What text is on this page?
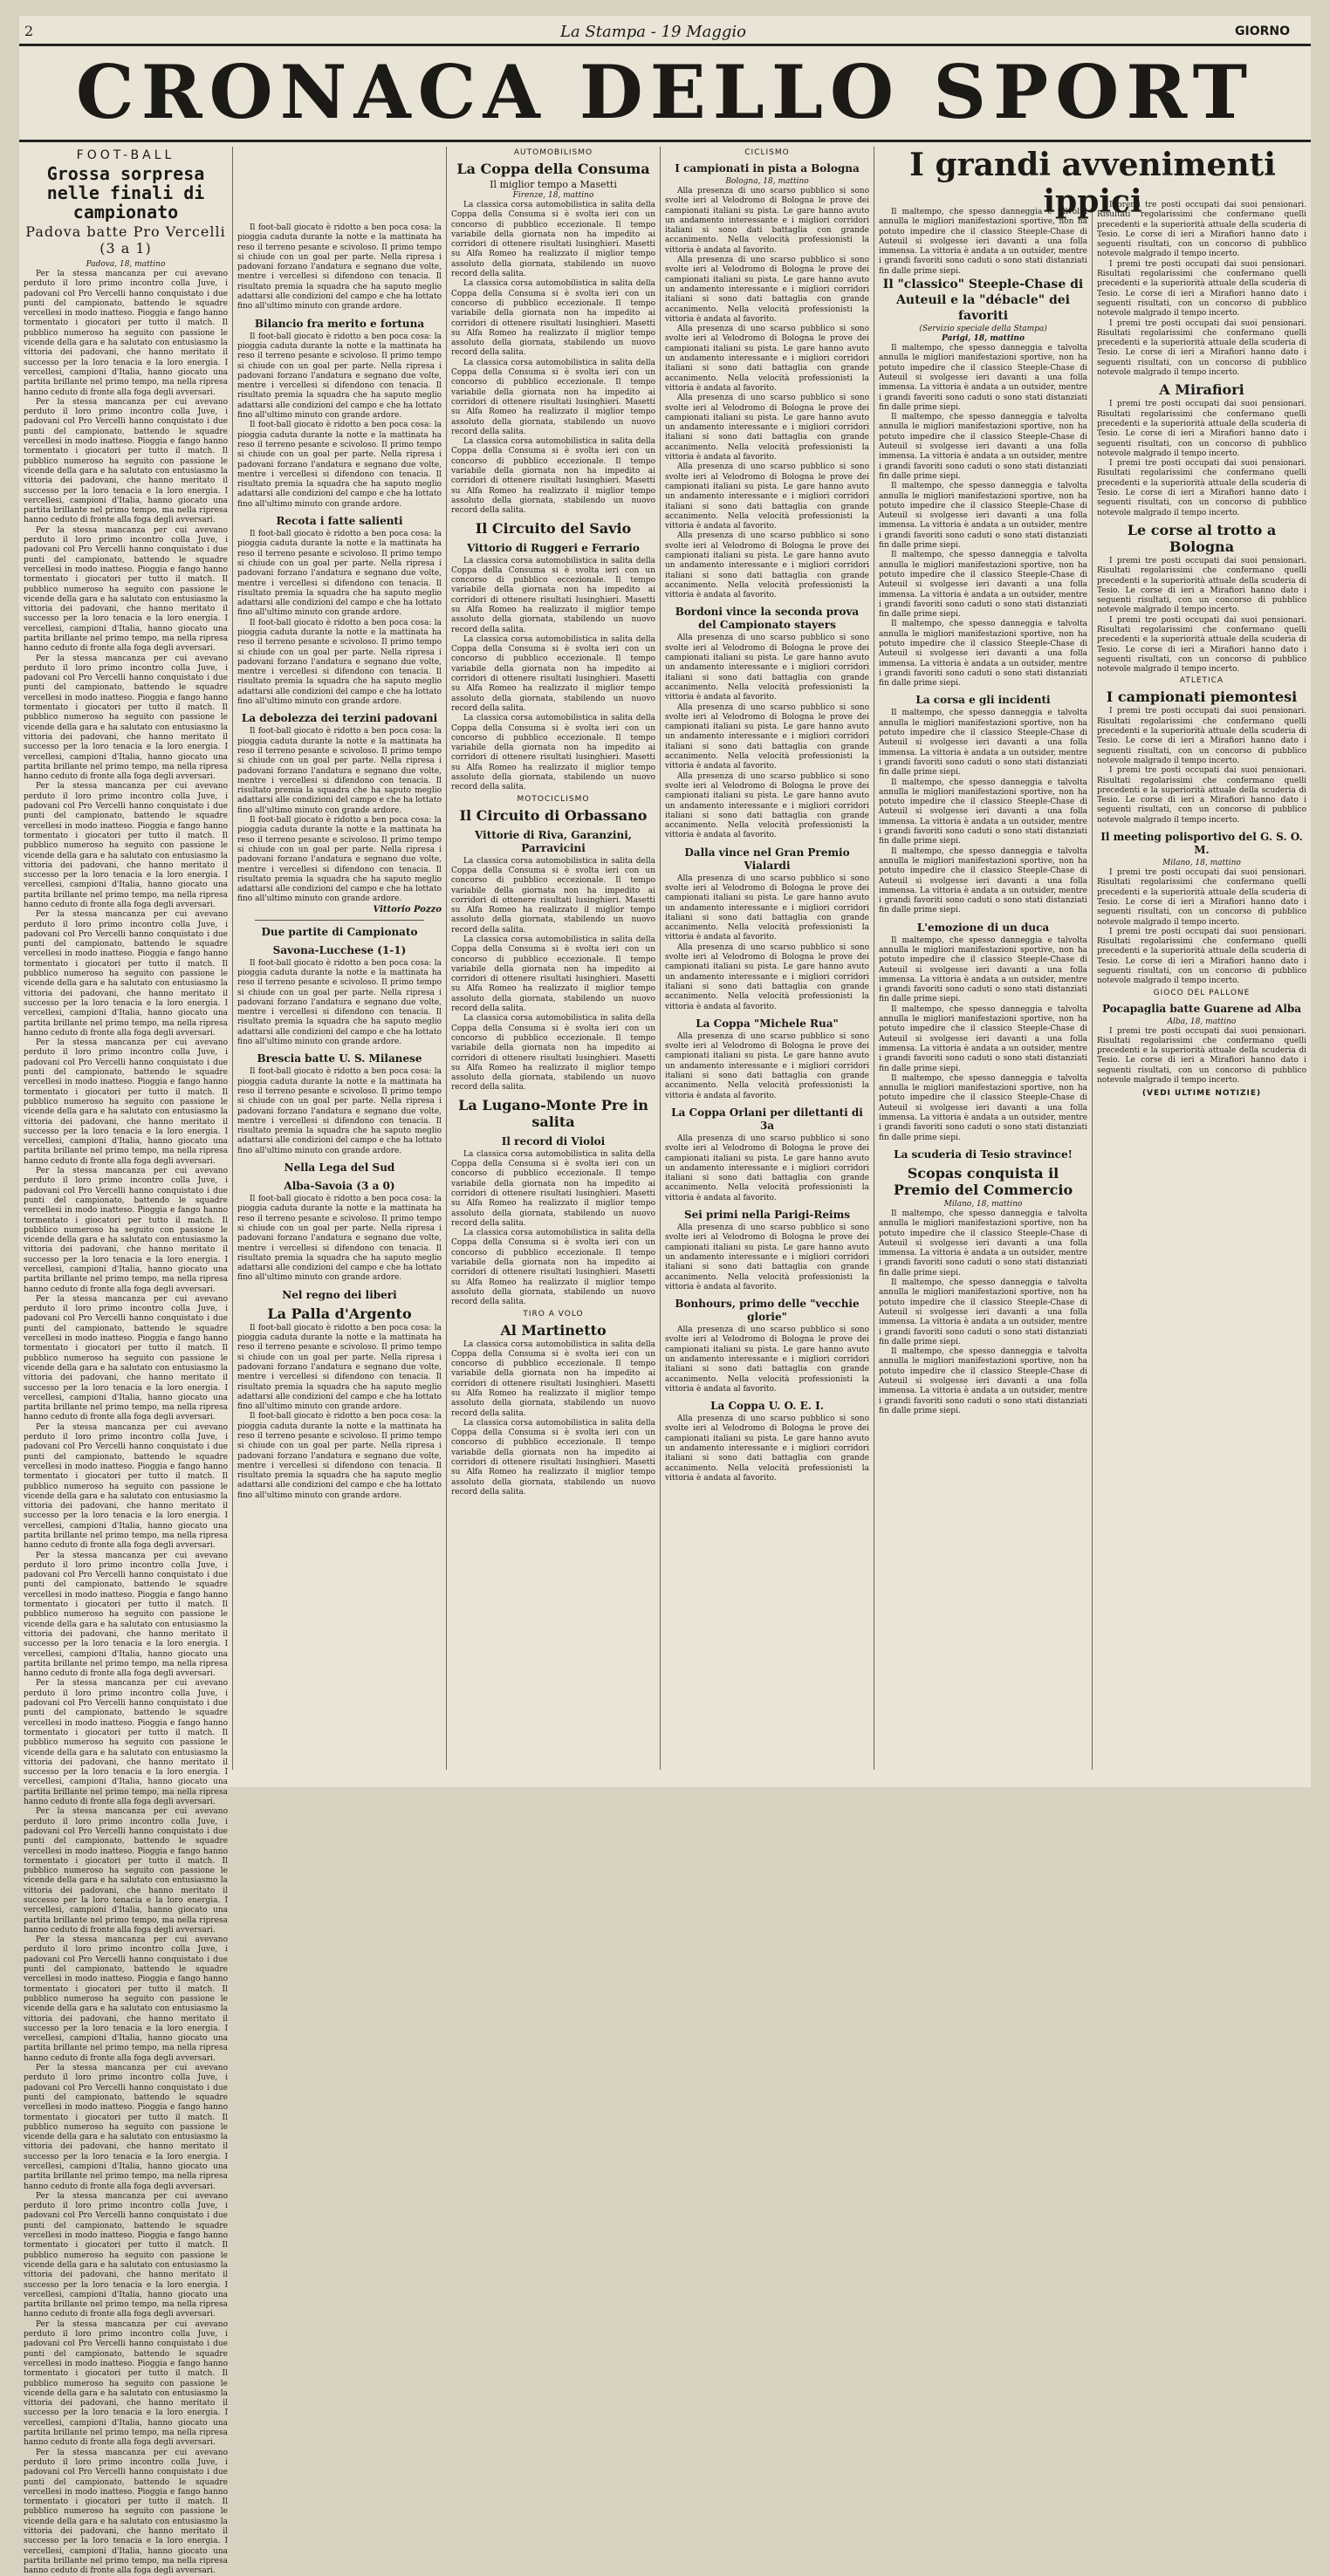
2	La Stampa - 19 Maggio	GIORNO
CRONACA DELLO SPORT
FOOT-BALL
Grossa sorpresa nelle finali di campionato
Padova batte Pro Vercelli (3 a 1)
Padova, 18, mattino

Per la stessa mancanza per cui avevano perduto il loro primo incontro colla Juve, i padovani col Pro Vercelli hanno conquistato i due punti del campionato, battendo le squadre vercellesi in modo inatteso. Pioggia e fango hanno tormentato i giocatori per tutto il match. Il pubblico numeroso ha seguito con passione le vicende della gara e ha salutato con entusiasmo la vittoria dei padovani, che hanno meritato il successo per la loro tenacia e la loro energia. I vercellesi, campioni d'Italia, hanno giocato una partita brillante nel primo tempo, ma nella ripresa hanno ceduto di fronte alla foga degli avversari.

Per la stessa mancanza per cui avevano perduto il loro primo incontro colla Juve, i padovani col Pro Vercelli hanno conquistato i due punti del campionato, battendo le squadre vercellesi in modo inatteso. Pioggia e fango hanno tormentato i giocatori per tutto il match. Il pubblico numeroso ha seguito con passione le vicende della gara e ha salutato con entusiasmo la vittoria dei padovani, che hanno meritato il successo per la loro tenacia e la loro energia. I vercellesi, campioni d'Italia, hanno giocato una partita brillante nel primo tempo, ma nella ripresa hanno ceduto di fronte alla foga degli avversari.

Per la stessa mancanza per cui avevano perduto il loro primo incontro colla Juve, i padovani col Pro Vercelli hanno conquistato i due punti del campionato, battendo le squadre vercellesi in modo inatteso. Pioggia e fango hanno tormentato i giocatori per tutto il match. Il pubblico numeroso ha seguito con passione le vicende della gara e ha salutato con entusiasmo la vittoria dei padovani, che hanno meritato il successo per la loro tenacia e la loro energia. I vercellesi, campioni d'Italia, hanno giocato una partita brillante nel primo tempo, ma nella ripresa hanno ceduto di fronte alla foga degli avversari.

Per la stessa mancanza per cui avevano perduto il loro primo incontro colla Juve, i padovani col Pro Vercelli hanno conquistato i due punti del campionato, battendo le squadre vercellesi in modo inatteso. Pioggia e fango hanno tormentato i giocatori per tutto il match. Il pubblico numeroso ha seguito con passione le vicende della gara e ha salutato con entusiasmo la vittoria dei padovani, che hanno meritato il successo per la loro tenacia e la loro energia. I vercellesi, campioni d'Italia, hanno giocato una partita brillante nel primo tempo, ma nella ripresa hanno ceduto di fronte alla foga degli avversari.

Per la stessa mancanza per cui avevano perduto il loro primo incontro colla Juve, i padovani col Pro Vercelli hanno conquistato i due punti del campionato, battendo le squadre vercellesi in modo inatteso. Pioggia e fango hanno tormentato i giocatori per tutto il match. Il pubblico numeroso ha seguito con passione le vicende della gara e ha salutato con entusiasmo la vittoria dei padovani, che hanno meritato il successo per la loro tenacia e la loro energia. I vercellesi, campioni d'Italia, hanno giocato una partita brillante nel primo tempo, ma nella ripresa hanno ceduto di fronte alla foga degli avversari.

Per la stessa mancanza per cui avevano perduto il loro primo incontro colla Juve, i padovani col Pro Vercelli hanno conquistato i due punti del campionato, battendo le squadre vercellesi in modo inatteso. Pioggia e fango hanno tormentato i giocatori per tutto il match. Il pubblico numeroso ha seguito con passione le vicende della gara e ha salutato con entusiasmo la vittoria dei padovani, che hanno meritato il successo per la loro tenacia e la loro energia. I vercellesi, campioni d'Italia, hanno giocato una partita brillante nel primo tempo, ma nella ripresa hanno ceduto di fronte alla foga degli avversari.

Per la stessa mancanza per cui avevano perduto il loro primo incontro colla Juve, i padovani col Pro Vercelli hanno conquistato i due punti del campionato, battendo le squadre vercellesi in modo inatteso. Pioggia e fango hanno tormentato i giocatori per tutto il match. Il pubblico numeroso ha seguito con passione le vicende della gara e ha salutato con entusiasmo la vittoria dei padovani, che hanno meritato il successo per la loro tenacia e la loro energia. I vercellesi, campioni d'Italia, hanno giocato una partita brillante nel primo tempo, ma nella ripresa hanno ceduto di fronte alla foga degli avversari.

Per la stessa mancanza per cui avevano perduto il loro primo incontro colla Juve, i padovani col Pro Vercelli hanno conquistato i due punti del campionato, battendo le squadre vercellesi in modo inatteso. Pioggia e fango hanno tormentato i giocatori per tutto il match. Il pubblico numeroso ha seguito con passione le vicende della gara e ha salutato con entusiasmo la vittoria dei padovani, che hanno meritato il successo per la loro tenacia e la loro energia. I vercellesi, campioni d'Italia, hanno giocato una partita brillante nel primo tempo, ma nella ripresa hanno ceduto di fronte alla foga degli avversari.

Per la stessa mancanza per cui avevano perduto il loro primo incontro colla Juve, i padovani col Pro Vercelli hanno conquistato i due punti del campionato, battendo le squadre vercellesi in modo inatteso. Pioggia e fango hanno tormentato i giocatori per tutto il match. Il pubblico numeroso ha seguito con passione le vicende della gara e ha salutato con entusiasmo la vittoria dei padovani, che hanno meritato il successo per la loro tenacia e la loro energia. I vercellesi, campioni d'Italia, hanno giocato una partita brillante nel primo tempo, ma nella ripresa hanno ceduto di fronte alla foga degli avversari.

Per la stessa mancanza per cui avevano perduto il loro primo incontro colla Juve, i padovani col Pro Vercelli hanno conquistato i due punti del campionato, battendo le squadre vercellesi in modo inatteso. Pioggia e fango hanno tormentato i giocatori per tutto il match. Il pubblico numeroso ha seguito con passione le vicende della gara e ha salutato con entusiasmo la vittoria dei padovani, che hanno meritato il successo per la loro tenacia e la loro energia. I vercellesi, campioni d'Italia, hanno giocato una partita brillante nel primo tempo, ma nella ripresa hanno ceduto di fronte alla foga degli avversari.

Per la stessa mancanza per cui avevano perduto il loro primo incontro colla Juve, i padovani col Pro Vercelli hanno conquistato i due punti del campionato, battendo le squadre vercellesi in modo inatteso. Pioggia e fango hanno tormentato i giocatori per tutto il match. Il pubblico numeroso ha seguito con passione le vicende della gara e ha salutato con entusiasmo la vittoria dei padovani, che hanno meritato il successo per la loro tenacia e la loro energia. I vercellesi, campioni d'Italia, hanno giocato una partita brillante nel primo tempo, ma nella ripresa hanno ceduto di fronte alla foga degli avversari.

Per la stessa mancanza per cui avevano perduto il loro primo incontro colla Juve, i padovani col Pro Vercelli hanno conquistato i due punti del campionato, battendo le squadre vercellesi in modo inatteso. Pioggia e fango hanno tormentato i giocatori per tutto il match. Il pubblico numeroso ha seguito con passione le vicende della gara e ha salutato con entusiasmo la vittoria dei padovani, che hanno meritato il successo per la loro tenacia e la loro energia. I vercellesi, campioni d'Italia, hanno giocato una partita brillante nel primo tempo, ma nella ripresa hanno ceduto di fronte alla foga degli avversari.

Per la stessa mancanza per cui avevano perduto il loro primo incontro colla Juve, i padovani col Pro Vercelli hanno conquistato i due punti del campionato, battendo le squadre vercellesi in modo inatteso. Pioggia e fango hanno tormentato i giocatori per tutto il match. Il pubblico numeroso ha seguito con passione le vicende della gara e ha salutato con entusiasmo la vittoria dei padovani, che hanno meritato il successo per la loro tenacia e la loro energia. I vercellesi, campioni d'Italia, hanno giocato una partita brillante nel primo tempo, ma nella ripresa hanno ceduto di fronte alla foga degli avversari.

Per la stessa mancanza per cui avevano perduto il loro primo incontro colla Juve, i padovani col Pro Vercelli hanno conquistato i due punti del campionato, battendo le squadre vercellesi in modo inatteso. Pioggia e fango hanno tormentato i giocatori per tutto il match. Il pubblico numeroso ha seguito con passione le vicende della gara e ha salutato con entusiasmo la vittoria dei padovani, che hanno meritato il successo per la loro tenacia e la loro energia. I vercellesi, campioni d'Italia, hanno giocato una partita brillante nel primo tempo, ma nella ripresa hanno ceduto di fronte alla foga degli avversari.

Per la stessa mancanza per cui avevano perduto il loro primo incontro colla Juve, i padovani col Pro Vercelli hanno conquistato i due punti del campionato, battendo le squadre vercellesi in modo inatteso. Pioggia e fango hanno tormentato i giocatori per tutto il match. Il pubblico numeroso ha seguito con passione le vicende della gara e ha salutato con entusiasmo la vittoria dei padovani, che hanno meritato il successo per la loro tenacia e la loro energia. I vercellesi, campioni d'Italia, hanno giocato una partita brillante nel primo tempo, ma nella ripresa hanno ceduto di fronte alla foga degli avversari.

Per la stessa mancanza per cui avevano perduto il loro primo incontro colla Juve, i padovani col Pro Vercelli hanno conquistato i due punti del campionato, battendo le squadre vercellesi in modo inatteso. Pioggia e fango hanno tormentato i giocatori per tutto il match. Il pubblico numeroso ha seguito con passione le vicende della gara e ha salutato con entusiasmo la vittoria dei padovani, che hanno meritato il successo per la loro tenacia e la loro energia. I vercellesi, campioni d'Italia, hanno giocato una partita brillante nel primo tempo, ma nella ripresa hanno ceduto di fronte alla foga degli avversari.

Per la stessa mancanza per cui avevano perduto il loro primo incontro colla Juve, i padovani col Pro Vercelli hanno conquistato i due punti del campionato, battendo le squadre vercellesi in modo inatteso. Pioggia e fango hanno tormentato i giocatori per tutto il match. Il pubblico numeroso ha seguito con passione le vicende della gara e ha salutato con entusiasmo la vittoria dei padovani, che hanno meritato il successo per la loro tenacia e la loro energia. I vercellesi, campioni d'Italia, hanno giocato una partita brillante nel primo tempo, ma nella ripresa hanno ceduto di fronte alla foga degli avversari.

Per la stessa mancanza per cui avevano perduto il loro primo incontro colla Juve, i padovani col Pro Vercelli hanno conquistato i due punti del campionato, battendo le squadre vercellesi in modo inatteso. Pioggia e fango hanno tormentato i giocatori per tutto il match. Il pubblico numeroso ha seguito con passione le vicende della gara e ha salutato con entusiasmo la vittoria dei padovani, che hanno meritato il successo per la loro tenacia e la loro energia. I vercellesi, campioni d'Italia, hanno giocato una partita brillante nel primo tempo, ma nella ripresa hanno ceduto di fronte alla foga degli avversari.

Il foot-ball giocato è ridotto a ben poca cosa: la pioggia caduta durante la notte e la mattinata ha reso il terreno pesante e scivoloso. Il primo tempo si chiude con un goal per parte. Nella ripresa i padovani forzano l'andatura e segnano due volte, mentre i vercellesi si difendono con tenacia. Il risultato premia la squadra che ha saputo meglio adattarsi alle condizioni del campo e che ha lottato fino all'ultimo minuto con grande ardore.

Bilancio fra merito e fortuna

Il foot-ball giocato è ridotto a ben poca cosa: la pioggia caduta durante la notte e la mattinata ha reso il terreno pesante e scivoloso. Il primo tempo si chiude con un goal per parte. Nella ripresa i padovani forzano l'andatura e segnano due volte, mentre i vercellesi si difendono con tenacia. Il risultato premia la squadra che ha saputo meglio adattarsi alle condizioni del campo e che ha lottato fino all'ultimo minuto con grande ardore.

Il foot-ball giocato è ridotto a ben poca cosa: la pioggia caduta durante la notte e la mattinata ha reso il terreno pesante e scivoloso. Il primo tempo si chiude con un goal per parte. Nella ripresa i padovani forzano l'andatura e segnano due volte, mentre i vercellesi si difendono con tenacia. Il risultato premia la squadra che ha saputo meglio adattarsi alle condizioni del campo e che ha lottato fino all'ultimo minuto con grande ardore.

Recota i fatte salienti

Il foot-ball giocato è ridotto a ben poca cosa: la pioggia caduta durante la notte e la mattinata ha reso il terreno pesante e scivoloso. Il primo tempo si chiude con un goal per parte. Nella ripresa i padovani forzano l'andatura e segnano due volte, mentre i vercellesi si difendono con tenacia. Il risultato premia la squadra che ha saputo meglio adattarsi alle condizioni del campo e che ha lottato fino all'ultimo minuto con grande ardore.

Il foot-ball giocato è ridotto a ben poca cosa: la pioggia caduta durante la notte e la mattinata ha reso il terreno pesante e scivoloso. Il primo tempo si chiude con un goal per parte. Nella ripresa i padovani forzano l'andatura e segnano due volte, mentre i vercellesi si difendono con tenacia. Il risultato premia la squadra che ha saputo meglio adattarsi alle condizioni del campo e che ha lottato fino all'ultimo minuto con grande ardore.

La debolezza dei terzini padovani

Il foot-ball giocato è ridotto a ben poca cosa: la pioggia caduta durante la notte e la mattinata ha reso il terreno pesante e scivoloso. Il primo tempo si chiude con un goal per parte. Nella ripresa i padovani forzano l'andatura e segnano due volte, mentre i vercellesi si difendono con tenacia. Il risultato premia la squadra che ha saputo meglio adattarsi alle condizioni del campo e che ha lottato fino all'ultimo minuto con grande ardore.

Il foot-ball giocato è ridotto a ben poca cosa: la pioggia caduta durante la notte e la mattinata ha reso il terreno pesante e scivoloso. Il primo tempo si chiude con un goal per parte. Nella ripresa i padovani forzano l'andatura e segnano due volte, mentre i vercellesi si difendono con tenacia. Il risultato premia la squadra che ha saputo meglio adattarsi alle condizioni del campo e che ha lottato fino all'ultimo minuto con grande ardore.

Vittorio Pozzo
Due partite di Campionato
Savona-Lucchese (1-1)

Il foot-ball giocato è ridotto a ben poca cosa: la pioggia caduta durante la notte e la mattinata ha reso il terreno pesante e scivoloso. Il primo tempo si chiude con un goal per parte. Nella ripresa i padovani forzano l'andatura e segnano due volte, mentre i vercellesi si difendono con tenacia. Il risultato premia la squadra che ha saputo meglio adattarsi alle condizioni del campo e che ha lottato fino all'ultimo minuto con grande ardore.

Brescia batte U. S. Milanese

Il foot-ball giocato è ridotto a ben poca cosa: la pioggia caduta durante la notte e la mattinata ha reso il terreno pesante e scivoloso. Il primo tempo si chiude con un goal per parte. Nella ripresa i padovani forzano l'andatura e segnano due volte, mentre i vercellesi si difendono con tenacia. Il risultato premia la squadra che ha saputo meglio adattarsi alle condizioni del campo e che ha lottato fino all'ultimo minuto con grande ardore.

Nella Lega del Sud
Alba-Savoia (3 a 0)

Il foot-ball giocato è ridotto a ben poca cosa: la pioggia caduta durante la notte e la mattinata ha reso il terreno pesante e scivoloso. Il primo tempo si chiude con un goal per parte. Nella ripresa i padovani forzano l'andatura e segnano due volte, mentre i vercellesi si difendono con tenacia. Il risultato premia la squadra che ha saputo meglio adattarsi alle condizioni del campo e che ha lottato fino all'ultimo minuto con grande ardore.

Nel regno dei liberi
La Palla d'Argento

Il foot-ball giocato è ridotto a ben poca cosa: la pioggia caduta durante la notte e la mattinata ha reso il terreno pesante e scivoloso. Il primo tempo si chiude con un goal per parte. Nella ripresa i padovani forzano l'andatura e segnano due volte, mentre i vercellesi si difendono con tenacia. Il risultato premia la squadra che ha saputo meglio adattarsi alle condizioni del campo e che ha lottato fino all'ultimo minuto con grande ardore.

Il foot-ball giocato è ridotto a ben poca cosa: la pioggia caduta durante la notte e la mattinata ha reso il terreno pesante e scivoloso. Il primo tempo si chiude con un goal per parte. Nella ripresa i padovani forzano l'andatura e segnano due volte, mentre i vercellesi si difendono con tenacia. Il risultato premia la squadra che ha saputo meglio adattarsi alle condizioni del campo e che ha lottato fino all'ultimo minuto con grande ardore.

AUTOMOBILISMO
La Coppa della Consuma
Il miglior tempo a Masetti
Firenze, 18, mattino

La classica corsa automobilistica in salita della Coppa della Consuma si è svolta ieri con un concorso di pubblico eccezionale. Il tempo variabile della giornata non ha impedito ai corridori di ottenere risultati lusinghieri. Masetti su Alfa Romeo ha realizzato il miglior tempo assoluto della giornata, stabilendo un nuovo record della salita.

La classica corsa automobilistica in salita della Coppa della Consuma si è svolta ieri con un concorso di pubblico eccezionale. Il tempo variabile della giornata non ha impedito ai corridori di ottenere risultati lusinghieri. Masetti su Alfa Romeo ha realizzato il miglior tempo assoluto della giornata, stabilendo un nuovo record della salita.

La classica corsa automobilistica in salita della Coppa della Consuma si è svolta ieri con un concorso di pubblico eccezionale. Il tempo variabile della giornata non ha impedito ai corridori di ottenere risultati lusinghieri. Masetti su Alfa Romeo ha realizzato il miglior tempo assoluto della giornata, stabilendo un nuovo record della salita.

La classica corsa automobilistica in salita della Coppa della Consuma si è svolta ieri con un concorso di pubblico eccezionale. Il tempo variabile della giornata non ha impedito ai corridori di ottenere risultati lusinghieri. Masetti su Alfa Romeo ha realizzato il miglior tempo assoluto della giornata, stabilendo un nuovo record della salita.

Il Circuito del Savio
Vittorio di Ruggeri e Ferrario

La classica corsa automobilistica in salita della Coppa della Consuma si è svolta ieri con un concorso di pubblico eccezionale. Il tempo variabile della giornata non ha impedito ai corridori di ottenere risultati lusinghieri. Masetti su Alfa Romeo ha realizzato il miglior tempo assoluto della giornata, stabilendo un nuovo record della salita.

La classica corsa automobilistica in salita della Coppa della Consuma si è svolta ieri con un concorso di pubblico eccezionale. Il tempo variabile della giornata non ha impedito ai corridori di ottenere risultati lusinghieri. Masetti su Alfa Romeo ha realizzato il miglior tempo assoluto della giornata, stabilendo un nuovo record della salita.

La classica corsa automobilistica in salita della Coppa della Consuma si è svolta ieri con un concorso di pubblico eccezionale. Il tempo variabile della giornata non ha impedito ai corridori di ottenere risultati lusinghieri. Masetti su Alfa Romeo ha realizzato il miglior tempo assoluto della giornata, stabilendo un nuovo record della salita.

MOTOCICLISMO
Il Circuito di Orbassano
Vittorie di Riva, Garanzini, Parravicini

La classica corsa automobilistica in salita della Coppa della Consuma si è svolta ieri con un concorso di pubblico eccezionale. Il tempo variabile della giornata non ha impedito ai corridori di ottenere risultati lusinghieri. Masetti su Alfa Romeo ha realizzato il miglior tempo assoluto della giornata, stabilendo un nuovo record della salita.

La classica corsa automobilistica in salita della Coppa della Consuma si è svolta ieri con un concorso di pubblico eccezionale. Il tempo variabile della giornata non ha impedito ai corridori di ottenere risultati lusinghieri. Masetti su Alfa Romeo ha realizzato il miglior tempo assoluto della giornata, stabilendo un nuovo record della salita.

La classica corsa automobilistica in salita della Coppa della Consuma si è svolta ieri con un concorso di pubblico eccezionale. Il tempo variabile della giornata non ha impedito ai corridori di ottenere risultati lusinghieri. Masetti su Alfa Romeo ha realizzato il miglior tempo assoluto della giornata, stabilendo un nuovo record della salita.

La Lugano-Monte Pre in salita
Il record di Violoi

La classica corsa automobilistica in salita della Coppa della Consuma si è svolta ieri con un concorso di pubblico eccezionale. Il tempo variabile della giornata non ha impedito ai corridori di ottenere risultati lusinghieri. Masetti su Alfa Romeo ha realizzato il miglior tempo assoluto della giornata, stabilendo un nuovo record della salita.

La classica corsa automobilistica in salita della Coppa della Consuma si è svolta ieri con un concorso di pubblico eccezionale. Il tempo variabile della giornata non ha impedito ai corridori di ottenere risultati lusinghieri. Masetti su Alfa Romeo ha realizzato il miglior tempo assoluto della giornata, stabilendo un nuovo record della salita.

TIRO A VOLO
Al Martinetto

La classica corsa automobilistica in salita della Coppa della Consuma si è svolta ieri con un concorso di pubblico eccezionale. Il tempo variabile della giornata non ha impedito ai corridori di ottenere risultati lusinghieri. Masetti su Alfa Romeo ha realizzato il miglior tempo assoluto della giornata, stabilendo un nuovo record della salita.

La classica corsa automobilistica in salita della Coppa della Consuma si è svolta ieri con un concorso di pubblico eccezionale. Il tempo variabile della giornata non ha impedito ai corridori di ottenere risultati lusinghieri. Masetti su Alfa Romeo ha realizzato il miglior tempo assoluto della giornata, stabilendo un nuovo record della salita.

CICLISMO
I campionati in pista a Bologna
Bologna, 18, mattino

Alla presenza di uno scarso pubblico si sono svolte ieri al Velodromo di Bologna le prove dei campionati italiani su pista. Le gare hanno avuto un andamento interessante e i migliori corridori italiani si sono dati battaglia con grande accanimento. Nella velocità professionisti la vittoria è andata al favorito.

Alla presenza di uno scarso pubblico si sono svolte ieri al Velodromo di Bologna le prove dei campionati italiani su pista. Le gare hanno avuto un andamento interessante e i migliori corridori italiani si sono dati battaglia con grande accanimento. Nella velocità professionisti la vittoria è andata al favorito.

Alla presenza di uno scarso pubblico si sono svolte ieri al Velodromo di Bologna le prove dei campionati italiani su pista. Le gare hanno avuto un andamento interessante e i migliori corridori italiani si sono dati battaglia con grande accanimento. Nella velocità professionisti la vittoria è andata al favorito.

Alla presenza di uno scarso pubblico si sono svolte ieri al Velodromo di Bologna le prove dei campionati italiani su pista. Le gare hanno avuto un andamento interessante e i migliori corridori italiani si sono dati battaglia con grande accanimento. Nella velocità professionisti la vittoria è andata al favorito.

Alla presenza di uno scarso pubblico si sono svolte ieri al Velodromo di Bologna le prove dei campionati italiani su pista. Le gare hanno avuto un andamento interessante e i migliori corridori italiani si sono dati battaglia con grande accanimento. Nella velocità professionisti la vittoria è andata al favorito.

Alla presenza di uno scarso pubblico si sono svolte ieri al Velodromo di Bologna le prove dei campionati italiani su pista. Le gare hanno avuto un andamento interessante e i migliori corridori italiani si sono dati battaglia con grande accanimento. Nella velocità professionisti la vittoria è andata al favorito.

Bordoni vince la seconda prova del Campionato stayers

Alla presenza di uno scarso pubblico si sono svolte ieri al Velodromo di Bologna le prove dei campionati italiani su pista. Le gare hanno avuto un andamento interessante e i migliori corridori italiani si sono dati battaglia con grande accanimento. Nella velocità professionisti la vittoria è andata al favorito.

Alla presenza di uno scarso pubblico si sono svolte ieri al Velodromo di Bologna le prove dei campionati italiani su pista. Le gare hanno avuto un andamento interessante e i migliori corridori italiani si sono dati battaglia con grande accanimento. Nella velocità professionisti la vittoria è andata al favorito.

Alla presenza di uno scarso pubblico si sono svolte ieri al Velodromo di Bologna le prove dei campionati italiani su pista. Le gare hanno avuto un andamento interessante e i migliori corridori italiani si sono dati battaglia con grande accanimento. Nella velocità professionisti la vittoria è andata al favorito.

Dalla vince nel Gran Premio Vialardi

Alla presenza di uno scarso pubblico si sono svolte ieri al Velodromo di Bologna le prove dei campionati italiani su pista. Le gare hanno avuto un andamento interessante e i migliori corridori italiani si sono dati battaglia con grande accanimento. Nella velocità professionisti la vittoria è andata al favorito.

Alla presenza di uno scarso pubblico si sono svolte ieri al Velodromo di Bologna le prove dei campionati italiani su pista. Le gare hanno avuto un andamento interessante e i migliori corridori italiani si sono dati battaglia con grande accanimento. Nella velocità professionisti la vittoria è andata al favorito.

La Coppa "Michele Rua"

Alla presenza di uno scarso pubblico si sono svolte ieri al Velodromo di Bologna le prove dei campionati italiani su pista. Le gare hanno avuto un andamento interessante e i migliori corridori italiani si sono dati battaglia con grande accanimento. Nella velocità professionisti la vittoria è andata al favorito.

La Coppa Orlani per dilettanti di 3a

Alla presenza di uno scarso pubblico si sono svolte ieri al Velodromo di Bologna le prove dei campionati italiani su pista. Le gare hanno avuto un andamento interessante e i migliori corridori italiani si sono dati battaglia con grande accanimento. Nella velocità professionisti la vittoria è andata al favorito.

Sei primi nella Parigi-Reims

Alla presenza di uno scarso pubblico si sono svolte ieri al Velodromo di Bologna le prove dei campionati italiani su pista. Le gare hanno avuto un andamento interessante e i migliori corridori italiani si sono dati battaglia con grande accanimento. Nella velocità professionisti la vittoria è andata al favorito.

Bonhours, primo delle "vecchie glorie"

Alla presenza di uno scarso pubblico si sono svolte ieri al Velodromo di Bologna le prove dei campionati italiani su pista. Le gare hanno avuto un andamento interessante e i migliori corridori italiani si sono dati battaglia con grande accanimento. Nella velocità professionisti la vittoria è andata al favorito.

La Coppa U. O. E. I.

Alla presenza di uno scarso pubblico si sono svolte ieri al Velodromo di Bologna le prove dei campionati italiani su pista. Le gare hanno avuto un andamento interessante e i migliori corridori italiani si sono dati battaglia con grande accanimento. Nella velocità professionisti la vittoria è andata al favorito.

Il maltempo, che spesso danneggia e talvolta annulla le migliori manifestazioni sportive, non ha potuto impedire che il classico Steeple-Chase di Auteuil si svolgesse ieri davanti a una folla immensa. La vittoria è andata a un outsider, mentre i grandi favoriti sono caduti o sono stati distanziati fin dalle prime siepi.

Il "classico" Steeple-Chase di Auteuil e la "débacle" dei favoriti
(Servizio speciale della Stampa)
Parigi, 18, mattino

Il maltempo, che spesso danneggia e talvolta annulla le migliori manifestazioni sportive, non ha potuto impedire che il classico Steeple-Chase di Auteuil si svolgesse ieri davanti a una folla immensa. La vittoria è andata a un outsider, mentre i grandi favoriti sono caduti o sono stati distanziati fin dalle prime siepi.

Il maltempo, che spesso danneggia e talvolta annulla le migliori manifestazioni sportive, non ha potuto impedire che il classico Steeple-Chase di Auteuil si svolgesse ieri davanti a una folla immensa. La vittoria è andata a un outsider, mentre i grandi favoriti sono caduti o sono stati distanziati fin dalle prime siepi.

Il maltempo, che spesso danneggia e talvolta annulla le migliori manifestazioni sportive, non ha potuto impedire che il classico Steeple-Chase di Auteuil si svolgesse ieri davanti a una folla immensa. La vittoria è andata a un outsider, mentre i grandi favoriti sono caduti o sono stati distanziati fin dalle prime siepi.

Il maltempo, che spesso danneggia e talvolta annulla le migliori manifestazioni sportive, non ha potuto impedire che il classico Steeple-Chase di Auteuil si svolgesse ieri davanti a una folla immensa. La vittoria è andata a un outsider, mentre i grandi favoriti sono caduti o sono stati distanziati fin dalle prime siepi.

Il maltempo, che spesso danneggia e talvolta annulla le migliori manifestazioni sportive, non ha potuto impedire che il classico Steeple-Chase di Auteuil si svolgesse ieri davanti a una folla immensa. La vittoria è andata a un outsider, mentre i grandi favoriti sono caduti o sono stati distanziati fin dalle prime siepi.

La corsa e gli incidenti

Il maltempo, che spesso danneggia e talvolta annulla le migliori manifestazioni sportive, non ha potuto impedire che il classico Steeple-Chase di Auteuil si svolgesse ieri davanti a una folla immensa. La vittoria è andata a un outsider, mentre i grandi favoriti sono caduti o sono stati distanziati fin dalle prime siepi.

Il maltempo, che spesso danneggia e talvolta annulla le migliori manifestazioni sportive, non ha potuto impedire che il classico Steeple-Chase di Auteuil si svolgesse ieri davanti a una folla immensa. La vittoria è andata a un outsider, mentre i grandi favoriti sono caduti o sono stati distanziati fin dalle prime siepi.

Il maltempo, che spesso danneggia e talvolta annulla le migliori manifestazioni sportive, non ha potuto impedire che il classico Steeple-Chase di Auteuil si svolgesse ieri davanti a una folla immensa. La vittoria è andata a un outsider, mentre i grandi favoriti sono caduti o sono stati distanziati fin dalle prime siepi.

L'emozione di un duca

Il maltempo, che spesso danneggia e talvolta annulla le migliori manifestazioni sportive, non ha potuto impedire che il classico Steeple-Chase di Auteuil si svolgesse ieri davanti a una folla immensa. La vittoria è andata a un outsider, mentre i grandi favoriti sono caduti o sono stati distanziati fin dalle prime siepi.

Il maltempo, che spesso danneggia e talvolta annulla le migliori manifestazioni sportive, non ha potuto impedire che il classico Steeple-Chase di Auteuil si svolgesse ieri davanti a una folla immensa. La vittoria è andata a un outsider, mentre i grandi favoriti sono caduti o sono stati distanziati fin dalle prime siepi.

Il maltempo, che spesso danneggia e talvolta annulla le migliori manifestazioni sportive, non ha potuto impedire che il classico Steeple-Chase di Auteuil si svolgesse ieri davanti a una folla immensa. La vittoria è andata a un outsider, mentre i grandi favoriti sono caduti o sono stati distanziati fin dalle prime siepi.

La scuderia di Tesio stravince!
Scopas conquista il Premio del Commercio
Milano, 18, mattino

Il maltempo, che spesso danneggia e talvolta annulla le migliori manifestazioni sportive, non ha potuto impedire che il classico Steeple-Chase di Auteuil si svolgesse ieri davanti a una folla immensa. La vittoria è andata a un outsider, mentre i grandi favoriti sono caduti o sono stati distanziati fin dalle prime siepi.

Il maltempo, che spesso danneggia e talvolta annulla le migliori manifestazioni sportive, non ha potuto impedire che il classico Steeple-Chase di Auteuil si svolgesse ieri davanti a una folla immensa. La vittoria è andata a un outsider, mentre i grandi favoriti sono caduti o sono stati distanziati fin dalle prime siepi.

Il maltempo, che spesso danneggia e talvolta annulla le migliori manifestazioni sportive, non ha potuto impedire che il classico Steeple-Chase di Auteuil si svolgesse ieri davanti a una folla immensa. La vittoria è andata a un outsider, mentre i grandi favoriti sono caduti o sono stati distanziati fin dalle prime siepi.

I grandi avvenimenti ippici

I premi tre posti occupati dai suoi pensionari. Risultati regolarissimi che confermano quelli precedenti e la superiorità attuale della scuderia di Tesio. Le corse di ieri a Mirafiori hanno dato i seguenti risultati, con un concorso di pubblico notevole malgrado il tempo incerto.

I premi tre posti occupati dai suoi pensionari. Risultati regolarissimi che confermano quelli precedenti e la superiorità attuale della scuderia di Tesio. Le corse di ieri a Mirafiori hanno dato i seguenti risultati, con un concorso di pubblico notevole malgrado il tempo incerto.

I premi tre posti occupati dai suoi pensionari. Risultati regolarissimi che confermano quelli precedenti e la superiorità attuale della scuderia di Tesio. Le corse di ieri a Mirafiori hanno dato i seguenti risultati, con un concorso di pubblico notevole malgrado il tempo incerto.

A Mirafiori

I premi tre posti occupati dai suoi pensionari. Risultati regolarissimi che confermano quelli precedenti e la superiorità attuale della scuderia di Tesio. Le corse di ieri a Mirafiori hanno dato i seguenti risultati, con un concorso di pubblico notevole malgrado il tempo incerto.

I premi tre posti occupati dai suoi pensionari. Risultati regolarissimi che confermano quelli precedenti e la superiorità attuale della scuderia di Tesio. Le corse di ieri a Mirafiori hanno dato i seguenti risultati, con un concorso di pubblico notevole malgrado il tempo incerto.

Le corse al trotto a Bologna

I premi tre posti occupati dai suoi pensionari. Risultati regolarissimi che confermano quelli precedenti e la superiorità attuale della scuderia di Tesio. Le corse di ieri a Mirafiori hanno dato i seguenti risultati, con un concorso di pubblico notevole malgrado il tempo incerto.

I premi tre posti occupati dai suoi pensionari. Risultati regolarissimi che confermano quelli precedenti e la superiorità attuale della scuderia di Tesio. Le corse di ieri a Mirafiori hanno dato i seguenti risultati, con un concorso di pubblico notevole malgrado il tempo incerto.

ATLETICA
I campionati piemontesi

I premi tre posti occupati dai suoi pensionari. Risultati regolarissimi che confermano quelli precedenti e la superiorità attuale della scuderia di Tesio. Le corse di ieri a Mirafiori hanno dato i seguenti risultati, con un concorso di pubblico notevole malgrado il tempo incerto.

I premi tre posti occupati dai suoi pensionari. Risultati regolarissimi che confermano quelli precedenti e la superiorità attuale della scuderia di Tesio. Le corse di ieri a Mirafiori hanno dato i seguenti risultati, con un concorso di pubblico notevole malgrado il tempo incerto.

Il meeting polisportivo del G. S. O. M.
Milano, 18, mattino

I premi tre posti occupati dai suoi pensionari. Risultati regolarissimi che confermano quelli precedenti e la superiorità attuale della scuderia di Tesio. Le corse di ieri a Mirafiori hanno dato i seguenti risultati, con un concorso di pubblico notevole malgrado il tempo incerto.

I premi tre posti occupati dai suoi pensionari. Risultati regolarissimi che confermano quelli precedenti e la superiorità attuale della scuderia di Tesio. Le corse di ieri a Mirafiori hanno dato i seguenti risultati, con un concorso di pubblico notevole malgrado il tempo incerto.

GIOCO DEL PALLONE
Pocapaglia batte Guarene ad Alba
Alba, 18, mattino

I premi tre posti occupati dai suoi pensionari. Risultati regolarissimi che confermano quelli precedenti e la superiorità attuale della scuderia di Tesio. Le corse di ieri a Mirafiori hanno dato i seguenti risultati, con un concorso di pubblico notevole malgrado il tempo incerto.

(VEDI ULTIME NOTIZIE)
